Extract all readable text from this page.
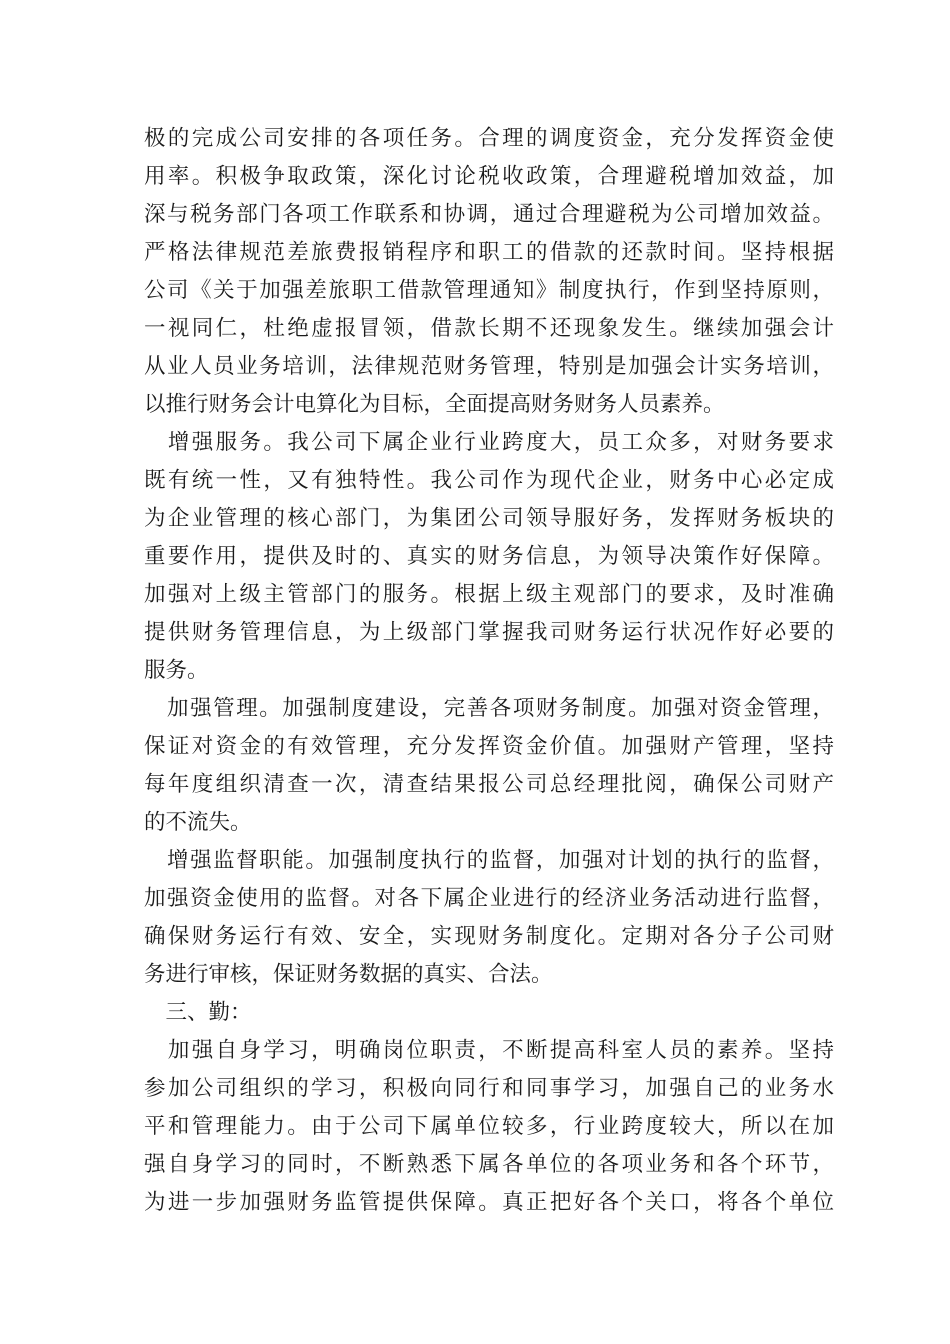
极的完成公司安排的各项任务。合理的调度资金，充分发挥资金使
用率。积极争取政策，深化讨论税收政策，合理避税增加效益，加
深与税务部门各项工作联系和协调，通过合理避税为公司增加效益。
严格法律规范差旅费报销程序和职工的借款的还款时间。坚持根据
公司《关于加强差旅职工借款管理通知》制度执行，作到坚持原则，
一视同仁，杜绝虚报冒领，借款长期不还现象发生。继续加强会计
从业人员业务培训，法律规范财务管理，特别是加强会计实务培训，
以推行财务会计电算化为目标，全面提高财务财务人员素养。
　增强服务。我公司下属企业行业跨度大，员工众多，对财务要求
既有统一性，又有独特性。我公司作为现代企业，财务中心必定成
为企业管理的核心部门，为集团公司领导服好务，发挥财务板块的
重要作用，提供及时的、真实的财务信息，为领导决策作好保障。
加强对上级主管部门的服务。根据上级主观部门的要求，及时准确
提供财务管理信息，为上级部门掌握我司财务运行状况作好必要的
服务。
　加强管理。加强制度建设，完善各项财务制度。加强对资金管理，
保证对资金的有效管理，充分发挥资金价值。加强财产管理，坚持
每年度组织清查一次，清查结果报公司总经理批阅，确保公司财产
的不流失。
　增强监督职能。加强制度执行的监督，加强对计划的执行的监督，
加强资金使用的监督。对各下属企业进行的经济业务活动进行监督，
确保财务运行有效、安全，实现财务制度化。定期对各分子公司财
务进行审核，保证财务数据的真实、合法。
　三、勤：
　加强自身学习，明确岗位职责，不断提高科室人员的素养。坚持
参加公司组织的学习，积极向同行和同事学习，加强自己的业务水
平和管理能力。由于公司下属单位较多，行业跨度较大，所以在加
强自身学习的同时，不断熟悉下属各单位的各项业务和各个环节，
为进一步加强财务监管提供保障。真正把好各个关口，将各个单位
